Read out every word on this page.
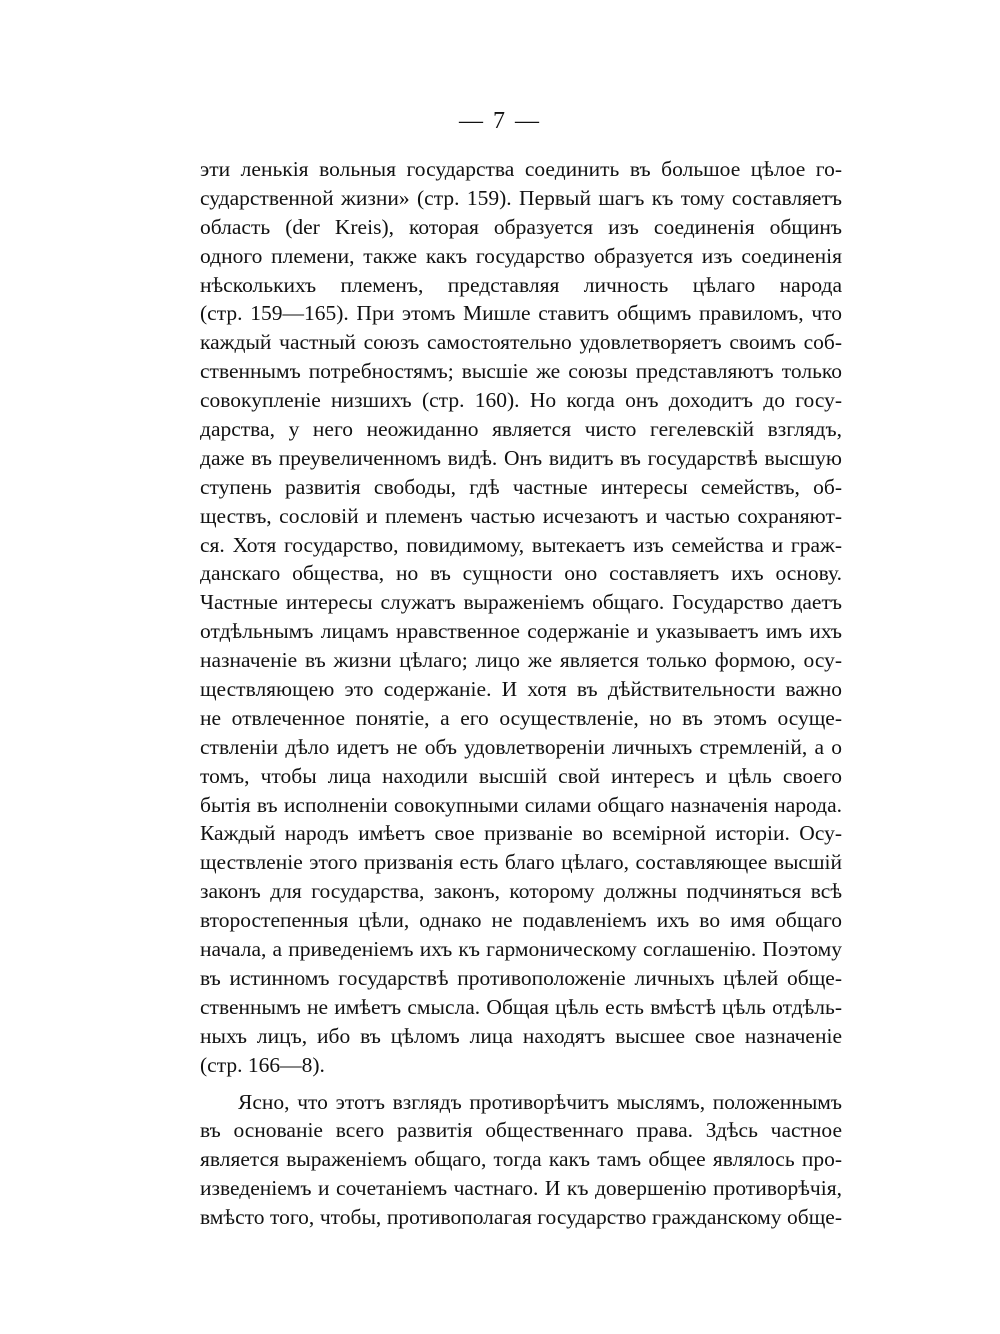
— 7 —
эти ленькія вольныя государства соединить въ большое цѣлое го-
сударственной жизни» (стр. 159). Первый шагъ къ тому составляетъ
область (der Kreis), которая образуется изъ соединенія общинъ
одного племени, также какъ государство образуется изъ соединенія
нѣсколькихъ племенъ, представляя личность цѣлаго народа
(стр. 159—165). При этомъ Мишле ставитъ общимъ правиломъ, что
каждый частный союзъ самостоятельно удовлетворяетъ своимъ соб-
ственнымъ потребностямъ; высшіе же союзы представляютъ только
совокупленіе низшихъ (стр. 160). Но когда онъ доходитъ до госу-
дарства, у него неожиданно является чисто гегелевскій взглядъ,
даже въ преувеличенномъ видѣ. Онъ видитъ въ государствѣ высшую
ступень развитія свободы, гдѣ частные интересы семействъ, об-
ществъ, сословій и племенъ частью исчезаютъ и частью сохраняют-
ся. Хотя государство, повидимому, вытекаетъ изъ семейства и граж-
данскаго общества, но въ сущности оно составляетъ ихъ основу.
Частные интересы служатъ выраженіемъ общаго. Государство даетъ
отдѣльнымъ лицамъ нравственное содержаніе и указываетъ имъ ихъ
назначеніе въ жизни цѣлаго; лицо же является только формою, осу-
ществляющею это содержаніе. И хотя въ дѣйствительности важно
не отвлеченное понятіе, а его осуществленіе, но въ этомъ осуще-
ствленіи дѣло идетъ не объ удовлетвореніи личныхъ стремленій, а о
томъ, чтобы лица находили высшій свой интересъ и цѣль своего
бытія въ исполненіи совокупными силами общаго назначенія народа.
Каждый народъ имѣетъ свое призваніе во всемірной исторіи. Осу-
ществленіе этого призванія есть благо цѣлаго, составляющее высшій
законъ для государства, законъ, которому должны подчиняться всѣ
второстепенныя цѣли, однако не подавленіемъ ихъ во имя общаго
начала, а приведеніемъ ихъ къ гармоническому соглашенію. Поэтому
въ истинномъ государствѣ противоположеніе личныхъ цѣлей обще-
ственнымъ не имѣетъ смысла. Общая цѣль есть вмѣстѣ цѣль отдѣль-
ныхъ лицъ, ибо въ цѣломъ лица находятъ высшее свое назначеніе
(стр. 166—8).
Ясно, что этотъ взглядъ противорѣчитъ мыслямъ, положеннымъ
въ основаніе всего развитія общественнаго права. Здѣсь частное
является выраженіемъ общаго, тогда какъ тамъ общее являлось про-
изведеніемъ и сочетаніемъ частнаго. И къ довершенію противорѣчія,
вмѣсто того, чтобы, противополагая государство гражданскому обще-
